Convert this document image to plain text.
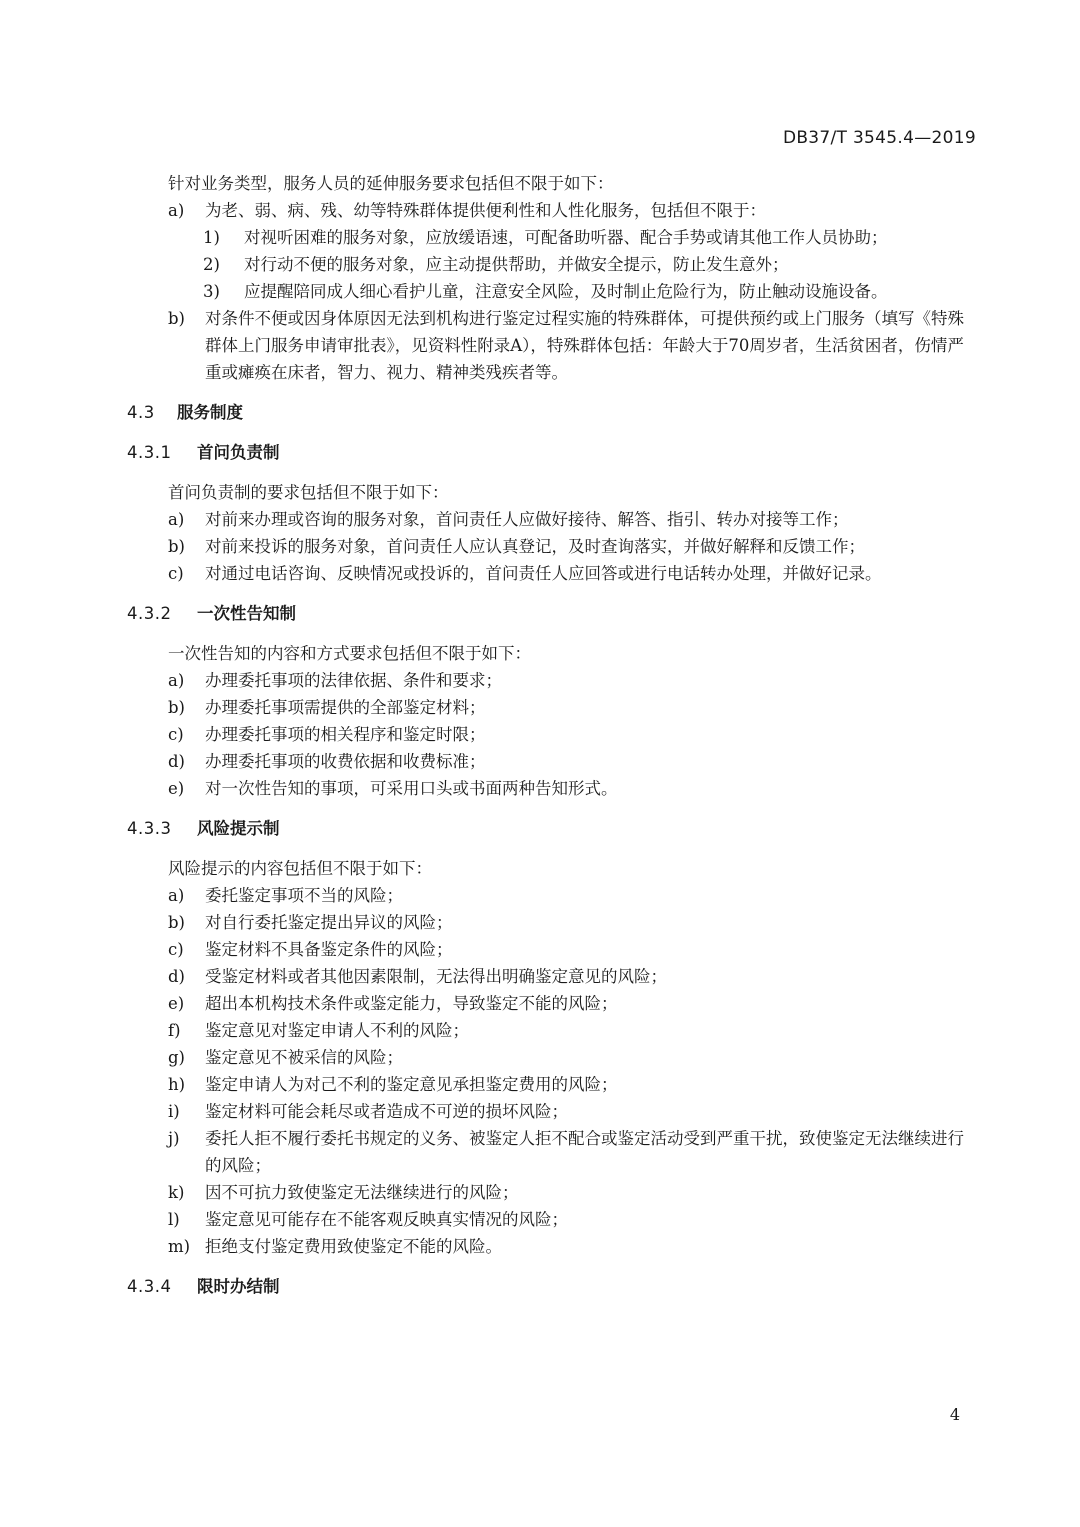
DB37/T 3545.4—2019
针对业务类型，服务人员的延伸服务要求包括但不限于如下：
a) 为老、弱、病、残、幼等特殊群体提供便利性和人性化服务，包括但不限于：
1) 对视听困难的服务对象，应放缓语速，可配备助听器、配合手势或请其他工作人员协助；
2) 对行动不便的服务对象，应主动提供帮助，并做安全提示，防止发生意外；
3) 应提醒陪同成人细心看护儿童，注意安全风险，及时制止危险行为，防止触动设施设备。
b) 对条件不便或因身体原因无法到机构进行鉴定过程实施的特殊群体，可提供预约或上门服务（填写《特殊群体上门服务申请审批表》，见资料性附录A），特殊群体包括：年龄大于70周岁者，生活贫困者，伤情严重或瘫痪在床者，智力、视力、精神类残疾者等。
4.3 服务制度
4.3.1 首问负责制
首问负责制的要求包括但不限于如下：
a) 对前来办理或咨询的服务对象，首问责任人应做好接待、解答、指引、转办对接等工作；
b) 对前来投诉的服务对象，首问责任人应认真登记，及时查询落实，并做好解释和反馈工作；
c) 对通过电话咨询、反映情况或投诉的，首问责任人应回答或进行电话转办处理，并做好记录。
4.3.2 一次性告知制
一次性告知的内容和方式要求包括但不限于如下：
a) 办理委托事项的法律依据、条件和要求；
b) 办理委托事项需提供的全部鉴定材料；
c) 办理委托事项的相关程序和鉴定时限；
d) 办理委托事项的收费依据和收费标准；
e) 对一次性告知的事项，可采用口头或书面两种告知形式。
4.3.3 风险提示制
风险提示的内容包括但不限于如下：
a) 委托鉴定事项不当的风险；
b) 对自行委托鉴定提出异议的风险；
c) 鉴定材料不具备鉴定条件的风险；
d) 受鉴定材料或者其他因素限制，无法得出明确鉴定意见的风险；
e) 超出本机构技术条件或鉴定能力，导致鉴定不能的风险；
f) 鉴定意见对鉴定申请人不利的风险；
g) 鉴定意见不被采信的风险；
h) 鉴定申请人为对己不利的鉴定意见承担鉴定费用的风险；
i) 鉴定材料可能会耗尽或者造成不可逆的损坏风险；
j) 委托人拒不履行委托书规定的义务、被鉴定人拒不配合或鉴定活动受到严重干扰，致使鉴定无法继续进行的风险；
k) 因不可抗力致使鉴定无法继续进行的风险；
l) 鉴定意见可能存在不能客观反映真实情况的风险；
m) 拒绝支付鉴定费用致使鉴定不能的风险。
4.3.4 限时办结制
4
